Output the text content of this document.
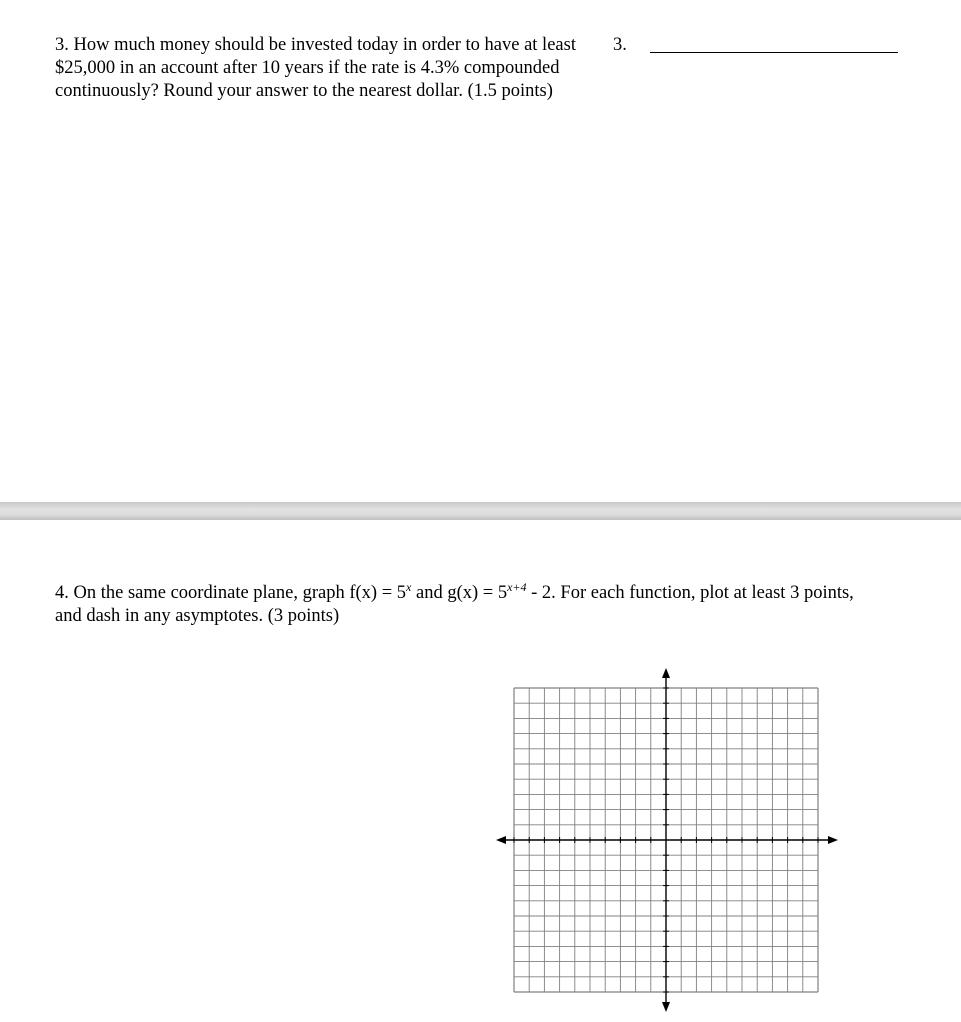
3. How much money should be invested today in order to have at least
$25,000 in an account after 10 years if the rate is 4.3% compounded
continuously? Round your answer to the nearest dollar. (1.5 points)
3.
4. On the same coordinate plane, graph $f(x) = 5^x$ and $g(x) = 5^{x+4} - 2$. For each function, plot at least 3 points,
and dash in any asymptotes. (3 points)
